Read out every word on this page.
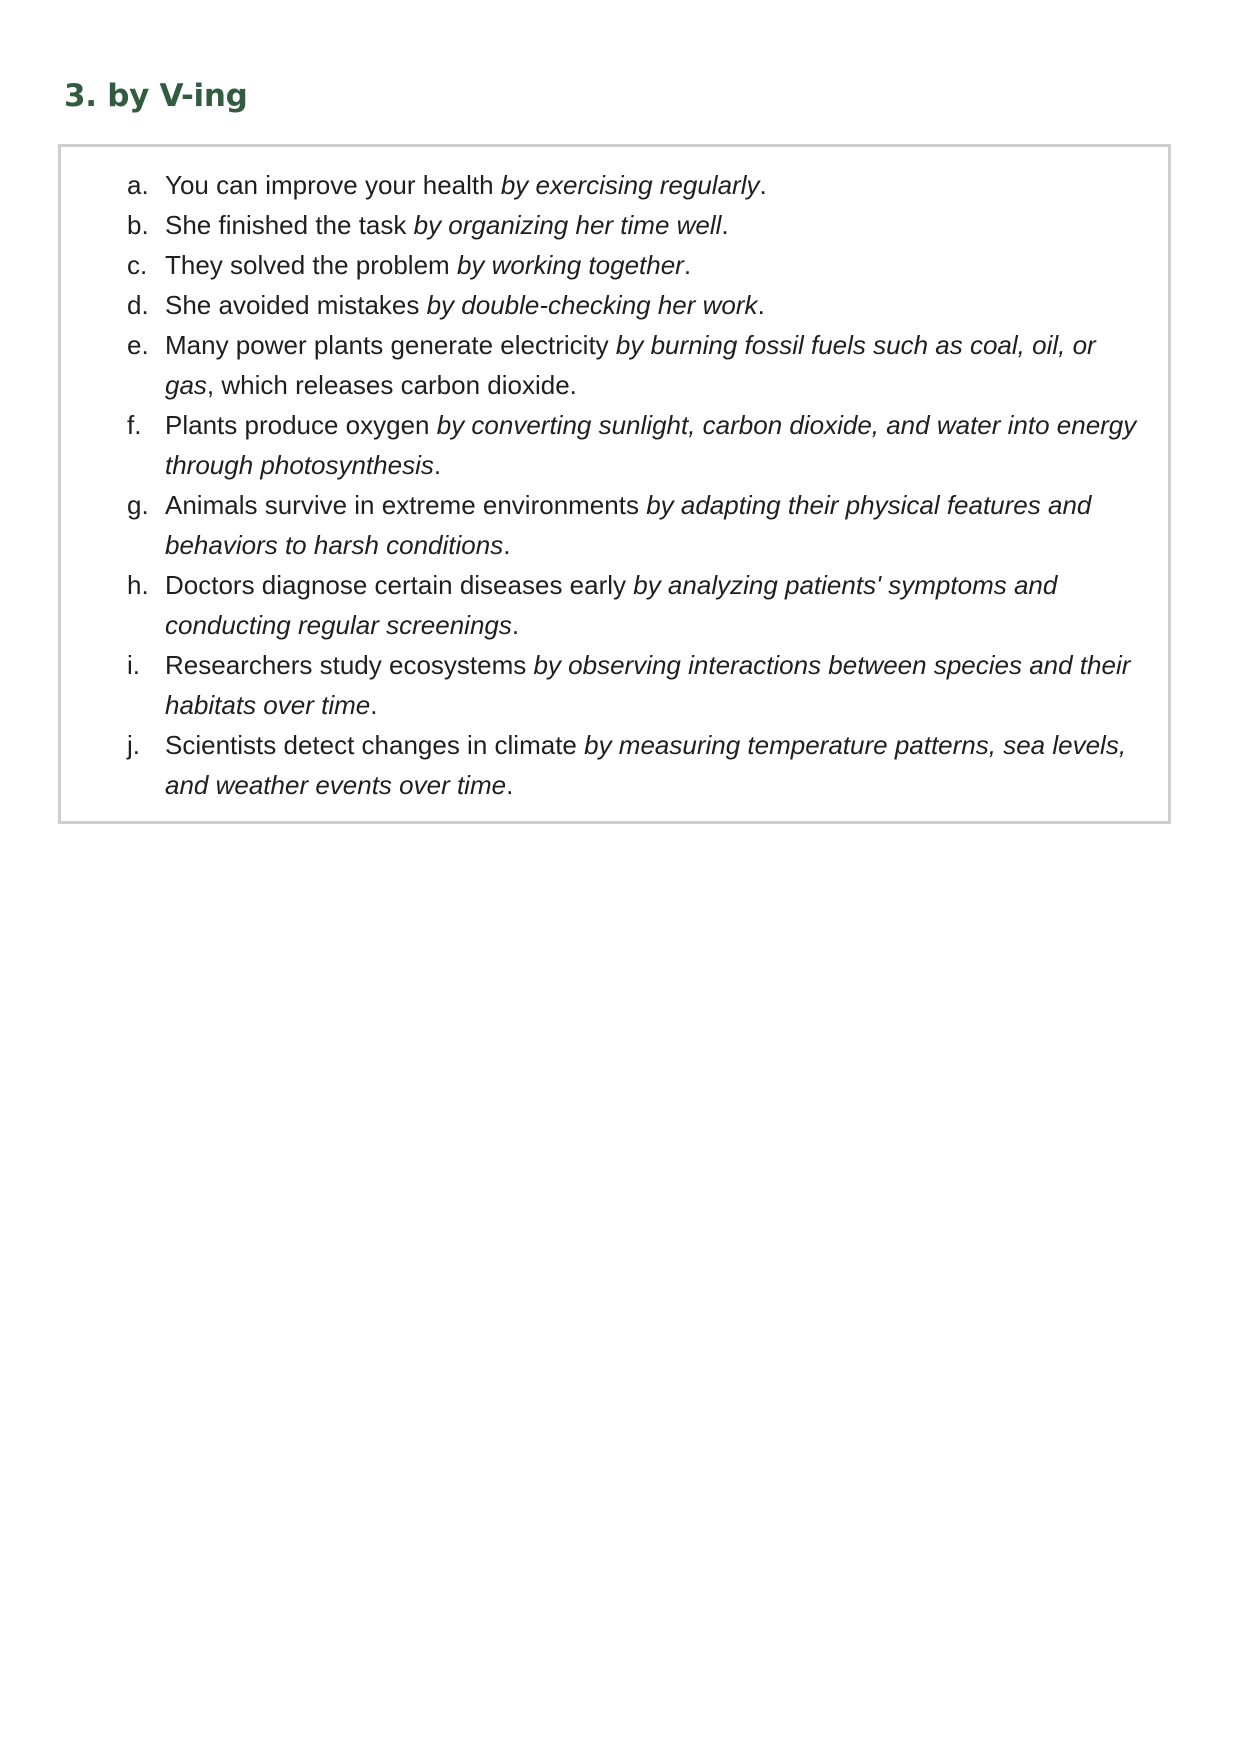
3. by V-ing
a. You can improve your health by exercising regularly.
b. She finished the task by organizing her time well.
c. They solved the problem by working together.
d. She avoided mistakes by double-checking her work.
e. Many power plants generate electricity by burning fossil fuels such as coal, oil, or gas, which releases carbon dioxide.
f. Plants produce oxygen by converting sunlight, carbon dioxide, and water into energy through photosynthesis.
g. Animals survive in extreme environments by adapting their physical features and behaviors to harsh conditions.
h. Doctors diagnose certain diseases early by analyzing patients' symptoms and conducting regular screenings.
i. Researchers study ecosystems by observing interactions between species and their habitats over time.
j. Scientists detect changes in climate by measuring temperature patterns, sea levels, and weather events over time.
